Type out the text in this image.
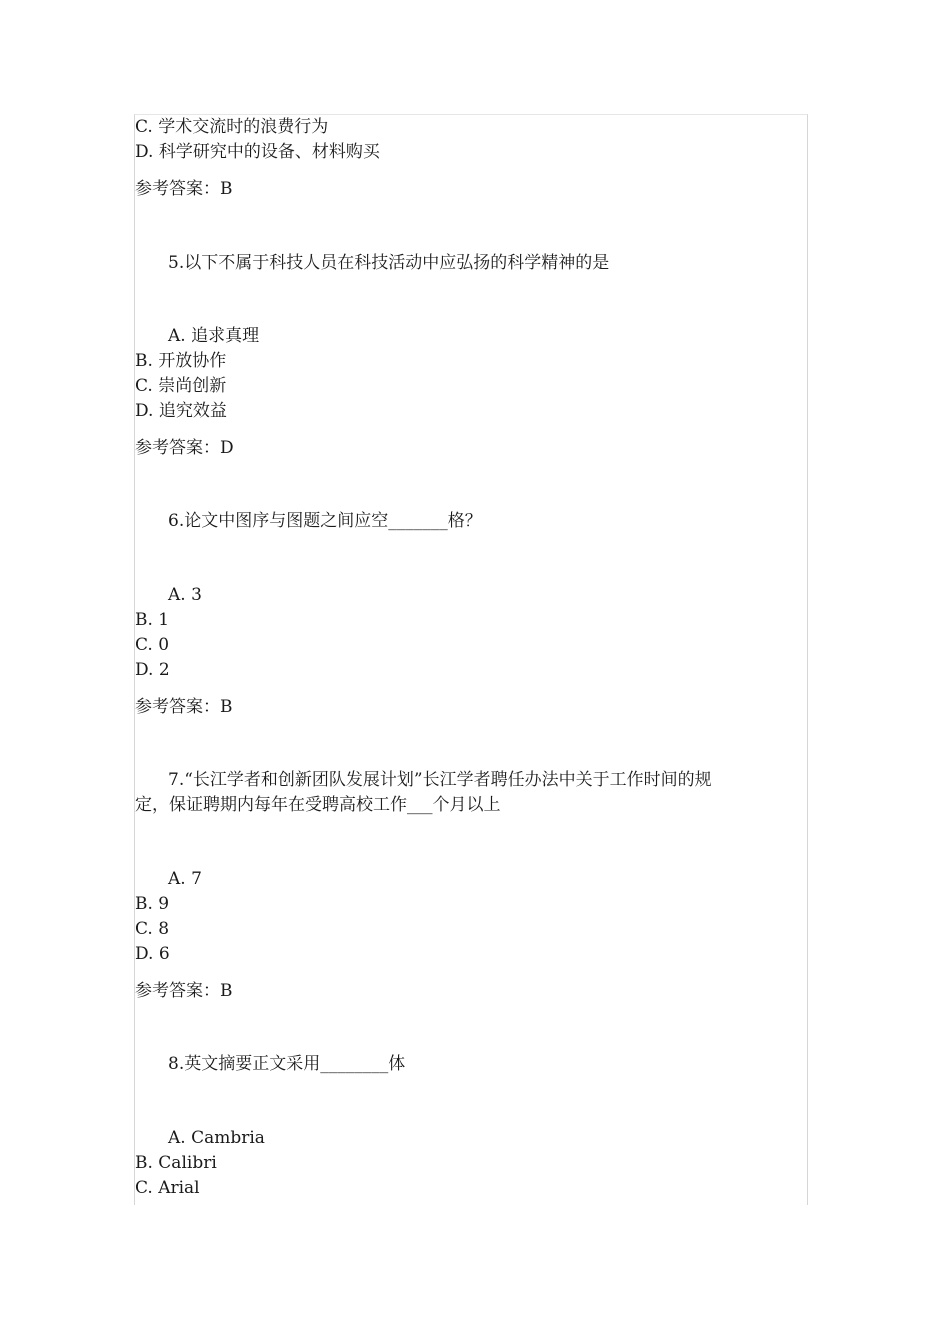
C. 学术交流时的浪费行为
D. 科学研究中的设备、材料购买
参考答案：B
5.以下不属于科技人员在科技活动中应弘扬的科学精神的是
A. 追求真理
B. 开放协作
C. 崇尚创新
D. 追究效益
参考答案：D
6.论文中图序与图题之间应空_______格？
A. 3
B. 1
C. 0
D. 2
参考答案：B
7.“长江学者和创新团队发展计划”长江学者聘任办法中关于工作时间的规
定，保证聘期内每年在受聘高校工作___个月以上
A. 7
B. 9
C. 8
D. 6
参考答案：B
8.英文摘要正文采用________体
A. Cambria
B. Calibri
C. Arial
